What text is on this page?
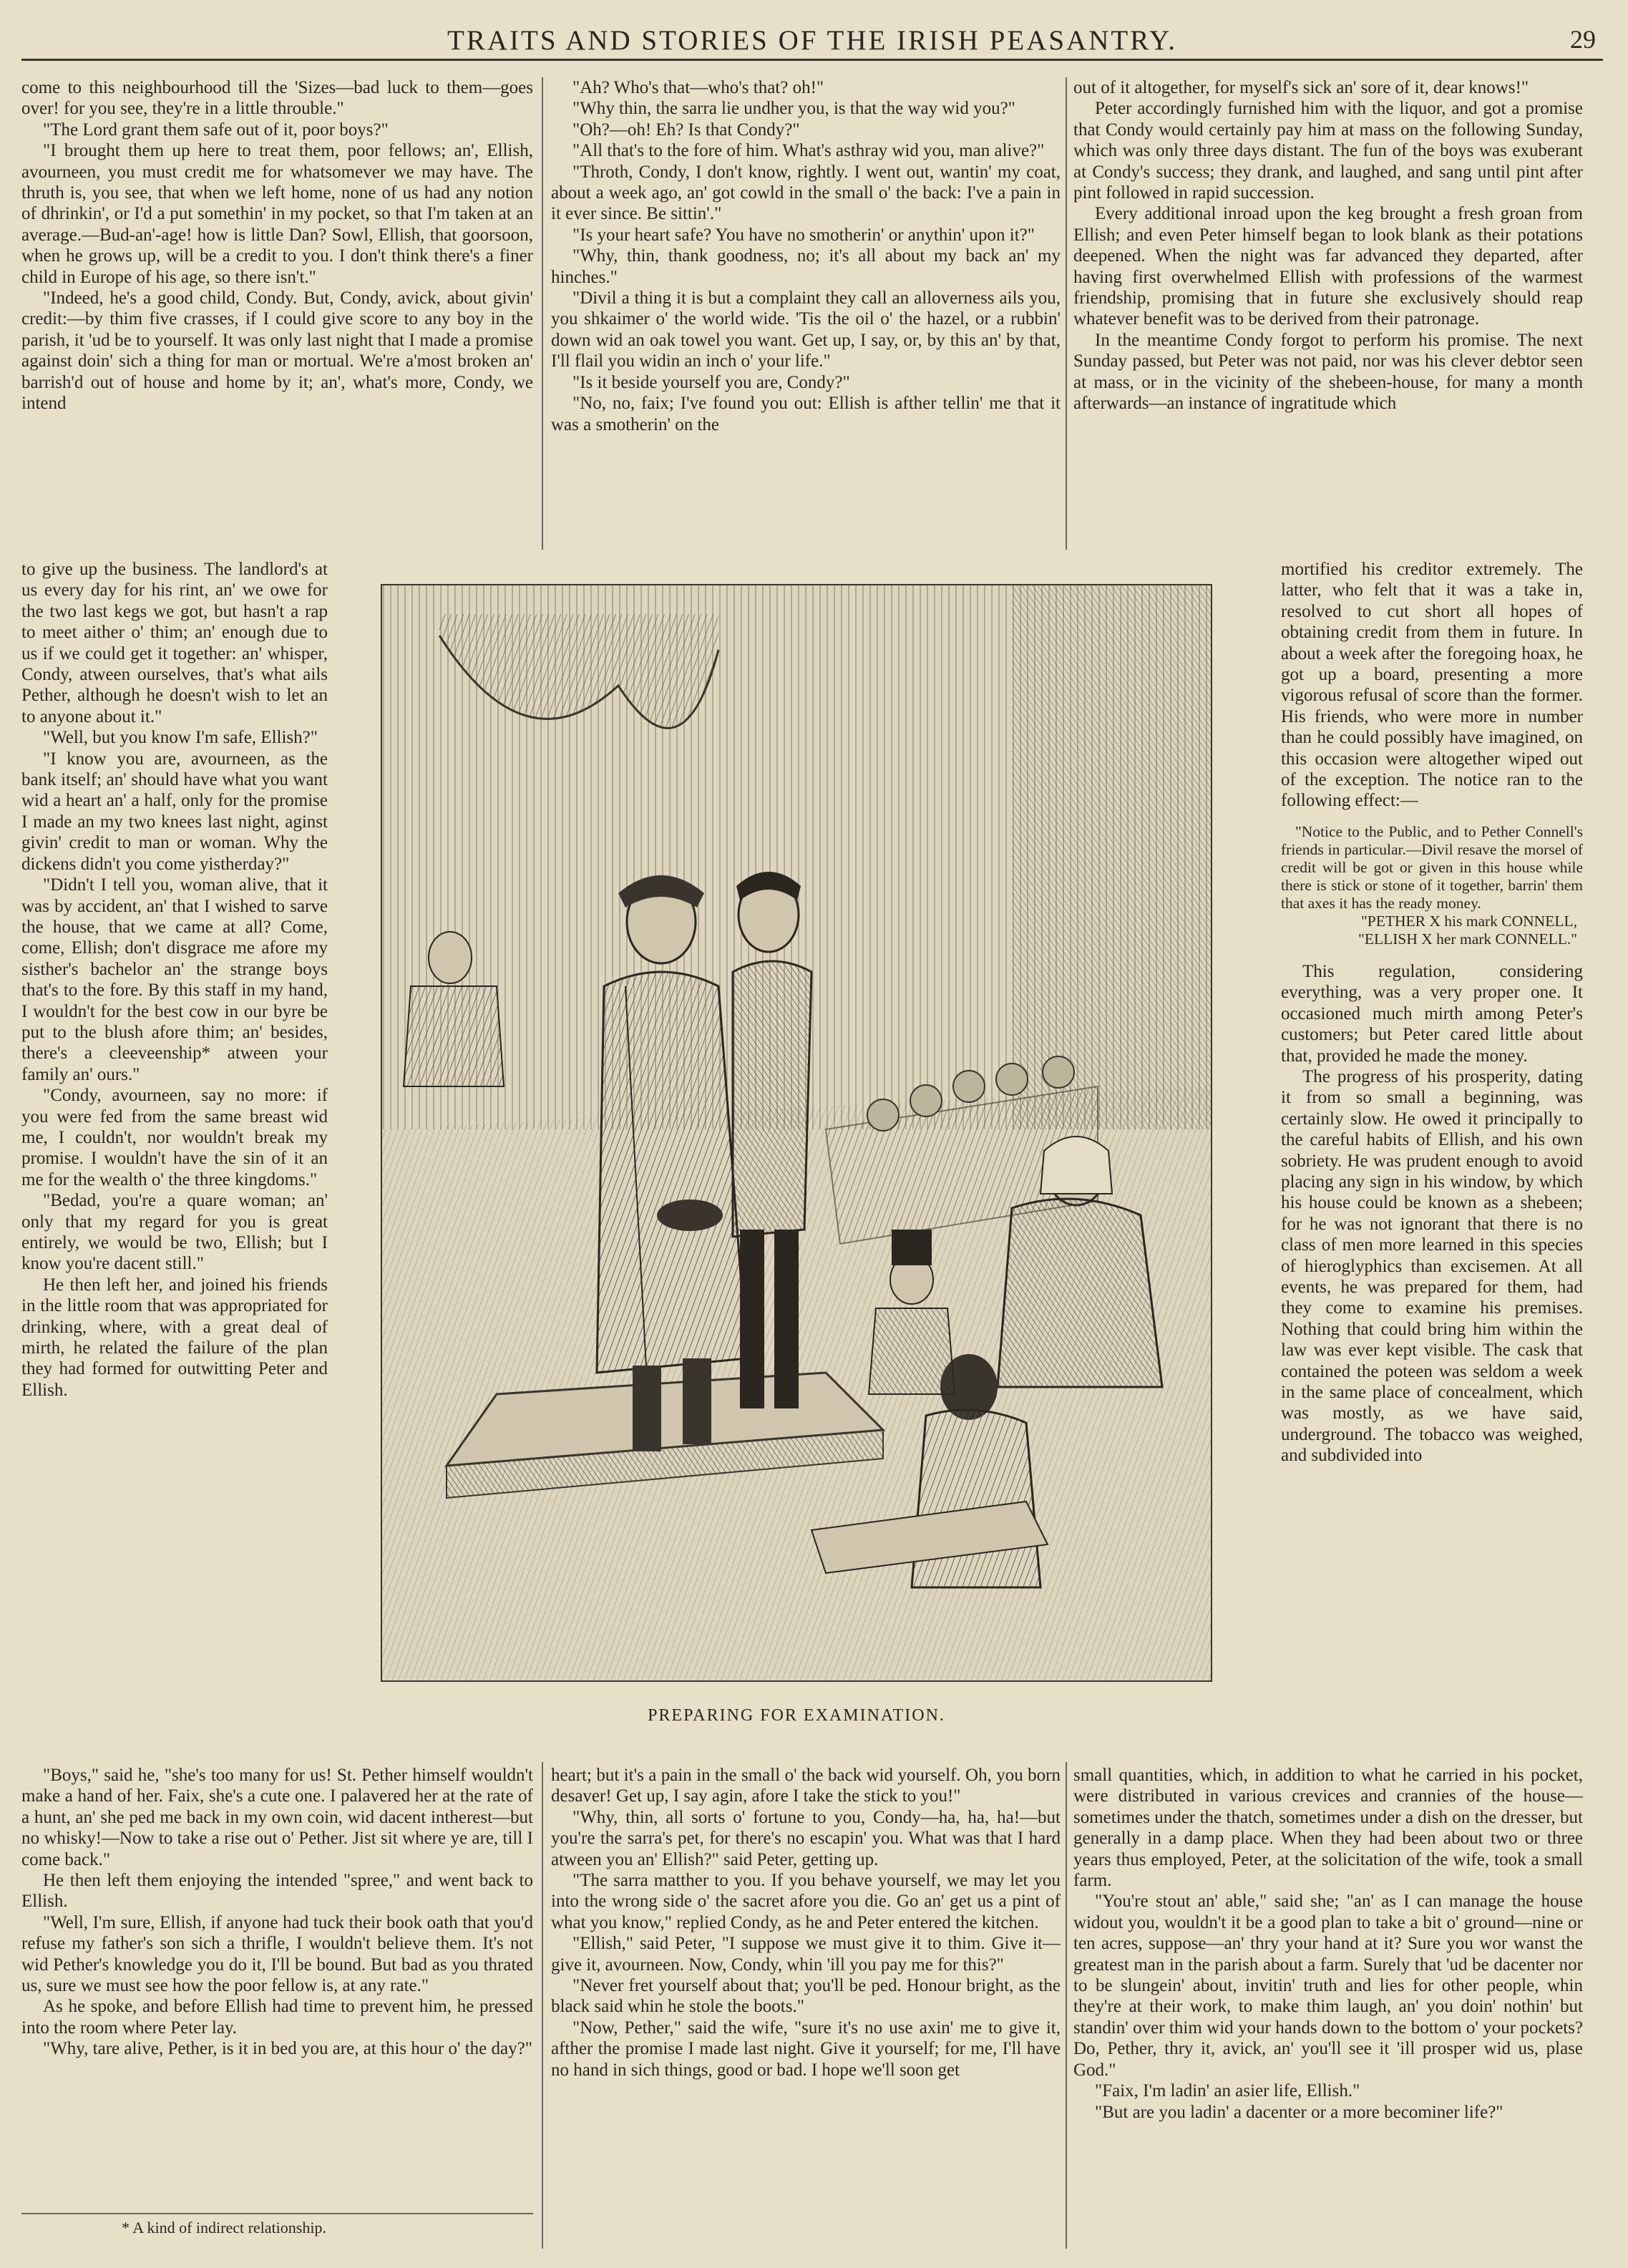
TRAITS AND STORIES OF THE IRISH PEASANTRY.	29

come to this neighbourhood till the 'Sizes—bad luck to them—goes over! for you see, they're in a little throuble."

"The Lord grant them safe out of it, poor boys?"

"I brought them up here to treat them, poor fellows; an', Ellish, avourneen, you must credit me for whatsomever we may have. The thruth is, you see, that when we left home, none of us had any notion of dhrinkin', or I'd a put somethin' in my pocket, so that I'm taken at an average.—Bud-an'-age! how is little Dan? Sowl, Ellish, that goorsoon, when he grows up, will be a credit to you. I don't think there's a finer child in Europe of his age, so there isn't."

"Indeed, he's a good child, Condy. But, Condy, avick, about givin' credit:—by thim five crasses, if I could give score to any boy in the parish, it 'ud be to yourself. It was only last night that I made a promise against doin' sich a thing for man or mortual. We're a'most broken an' barrish'd out of house and home by it; an', what's more, Condy, we intend

to give up the business. The landlord's at us every day for his rint, an' we owe for the two last kegs we got, but hasn't a rap to meet aither o' thim; an' enough due to us if we could get it together: an' whisper, Condy, atween ourselves, that's what ails Pether, although he doesn't wish to let an to anyone about it."

"Well, but you know I'm safe, Ellish?"

"I know you are, avourneen, as the bank itself; an' should have what you want wid a heart an' a half, only for the promise I made an my two knees last night, aginst givin' credit to man or woman. Why the dickens didn't you come yistherday?"

"Didn't I tell you, woman alive, that it was by accident, an' that I wished to sarve the house, that we came at all? Come, come, Ellish; don't disgrace me afore my sisther's bachelor an' the strange boys that's to the fore. By this staff in my hand, I wouldn't for the best cow in our byre be put to the blush afore thim; an' besides, there's a cleeveenship* atween your family an' ours."

"Condy, avourneen, say no more: if you were fed from the same breast wid me, I couldn't, nor wouldn't break my promise. I wouldn't have the sin of it an me for the wealth o' the three kingdoms."

"Bedad, you're a quare woman; an' only that my regard for you is great entirely, we would be two, Ellish; but I know you're dacent still."

He then left her, and joined his friends in the little room that was appropriated for drinking, where, with a great deal of mirth, he related the failure of the plan they had formed for outwitting Peter and Ellish.

"Boys," said he, "she's too many for us! St. Pether himself wouldn't make a hand of her. Faix, she's a cute one. I palavered her at the rate of a hunt, an' she ped me back in my own coin, wid dacent intherest—but no whisky!—Now to take a rise out o' Pether. Jist sit where ye are, till I come back."

He then left them enjoying the intended "spree," and went back to Ellish.

"Well, I'm sure, Ellish, if anyone had tuck their book oath that you'd refuse my father's son sich a thrifle, I wouldn't believe them. It's not wid Pether's knowledge you do it, I'll be bound. But bad as you thrated us, sure we must see how the poor fellow is, at any rate."

As he spoke, and before Ellish had time to prevent him, he pressed into the room where Peter lay.

"Why, tare alive, Pether, is it in bed you are, at this hour o' the day?"

"Ah? Who's that—who's that? oh!"

"Why thin, the sarra lie undher you, is that the way wid you?"

"Oh?—oh! Eh? Is that Condy?"

"All that's to the fore of him. What's asthray wid you, man alive?"

"Throth, Condy, I don't know, rightly. I went out, wantin' my coat, about a week ago, an' got cowld in the small o' the back: I've a pain in it ever since. Be sittin'."

"Is your heart safe? You have no smotherin' or anythin' upon it?"

"Why, thin, thank goodness, no; it's all about my back an' my hinches."

"Divil a thing it is but a complaint they call an alloverness ails you, you shkaimer o' the world wide. 'Tis the oil o' the hazel, or a rubbin' down wid an oak towel you want. Get up, I say, or, by this an' by that, I'll flail you widin an inch o' your life."

"Is it beside yourself you are, Condy?"

"No, no, faix; I've found you out: Ellish is afther tellin' me that it was a smotherin' on the

heart; but it's a pain in the small o' the back wid yourself. Oh, you born desaver! Get up, I say agin, afore I take the stick to you!"

"Why, thin, all sorts o' fortune to you, Condy—ha, ha, ha!—but you're the sarra's pet, for there's no escapin' you. What was that I hard atween you an' Ellish?" said Peter, getting up.

"The sarra matther to you. If you behave yourself, we may let you into the wrong side o' the sacret afore you die. Go an' get us a pint of what you know," replied Condy, as he and Peter entered the kitchen.

"Ellish," said Peter, "I suppose we must give it to thim. Give it—give it, avourneen. Now, Condy, whin 'ill you pay me for this?"

"Never fret yourself about that; you'll be ped. Honour bright, as the black said whin he stole the boots."

"Now, Pether," said the wife, "sure it's no use axin' me to give it, afther the promise I made last night. Give it yourself; for me, I'll have no hand in sich things, good or bad. I hope we'll soon get

out of it altogether, for myself's sick an' sore of it, dear knows!"

Peter accordingly furnished him with the liquor, and got a promise that Condy would certainly pay him at mass on the following Sunday, which was only three days distant. The fun of the boys was exuberant at Condy's success; they drank, and laughed, and sang until pint after pint followed in rapid succession.

Every additional inroad upon the keg brought a fresh groan from Ellish; and even Peter himself began to look blank as their potations deepened. When the night was far advanced they departed, after having first overwhelmed Ellish with professions of the warmest friendship, promising that in future she exclusively should reap whatever benefit was to be derived from their patronage.

In the meantime Condy forgot to perform his promise. The next Sunday passed, but Peter was not paid, nor was his clever debtor seen at mass, or in the vicinity of the shebeen-house, for many a month afterwards—an instance of ingratitude which

mortified his creditor extremely. The latter, who felt that it was a take in, resolved to cut short all hopes of obtaining credit from them in future. In about a week after the foregoing hoax, he got up a board, presenting a more vigorous refusal of score than the former. His friends, who were more in number than he could possibly have imagined, on this occasion were altogether wiped out of the exception. The notice ran to the following effect:—

"Notice to the Public, and to Pether Connell's friends in particular.—Divil resave the morsel of credit will be got or given in this house while there is stick or stone of it together, barrin' them that axes it has the ready money.

"PETHER X his mark CONNELL,

"ELLISH X her mark CONNELL."

This regulation, considering everything, was a very proper one. It occasioned much mirth among Peter's customers; but Peter cared little about that, provided he made the money.

The progress of his prosperity, dating it from so small a beginning, was certainly slow. He owed it principally to the careful habits of Ellish, and his own sobriety. He was prudent enough to avoid placing any sign in his window, by which his house could be known as a shebeen; for he was not ignorant that there is no class of men more learned in this species of hieroglyphics than excisemen. At all events, he was prepared for them, had they come to examine his premises. Nothing that could bring him within the law was ever kept visible. The cask that contained the poteen was seldom a week in the same place of concealment, which was mostly, as we have said, underground. The tobacco was weighed, and subdivided into

small quantities, which, in addition to what he carried in his pocket, were distributed in various crevices and crannies of the house—sometimes under the thatch, sometimes under a dish on the dresser, but generally in a damp place. When they had been about two or three years thus employed, Peter, at the solicitation of the wife, took a small farm.

"You're stout an' able," said she; "an' as I can manage the house widout you, wouldn't it be a good plan to take a bit o' ground—nine or ten acres, suppose—an' thry your hand at it? Sure you wor wanst the greatest man in the parish about a farm. Surely that 'ud be dacenter nor to be slungein' about, invitin' truth and lies for other people, whin they're at their work, to make thim laugh, an' you doin' nothin' but standin' over thim wid your hands down to the bottom o' your pockets? Do, Pether, thry it, avick, an' you'll see it 'ill prosper wid us, plase God."

"Faix, I'm ladin' an asier life, Ellish."

"But are you ladin' a dacenter or a more becominer life?"

PREPARING FOR EXAMINATION.
* A kind of indirect relationship.
